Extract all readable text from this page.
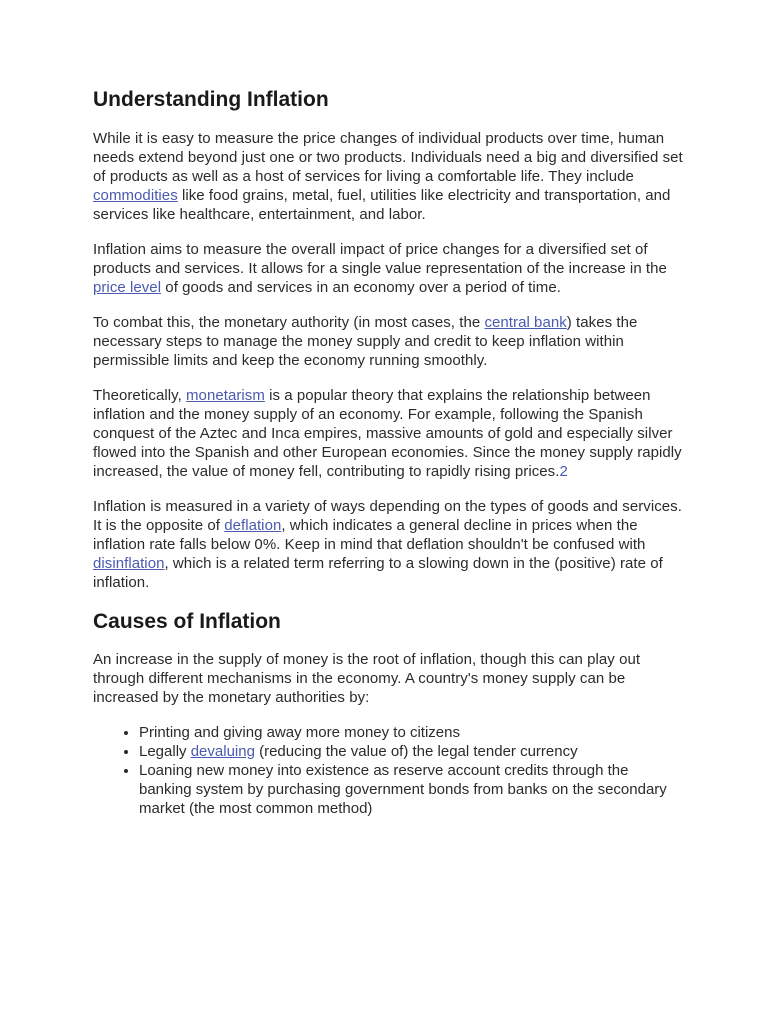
Understanding Inflation

While it is easy to measure the price changes of individual products over time, human needs extend beyond just one or two products. Individuals need a big and diversified set of products as well as a host of services for living a comfortable life. They include commodities like food grains, metal, fuel, utilities like electricity and transportation, and services like healthcare, entertainment, and labor.

Inflation aims to measure the overall impact of price changes for a diversified set of products and services. It allows for a single value representation of the increase in the price level of goods and services in an economy over a period of time.

To combat this, the monetary authority (in most cases, the central bank) takes the necessary steps to manage the money supply and credit to keep inflation within permissible limits and keep the economy running smoothly.

Theoretically, monetarism is a popular theory that explains the relationship between inflation and the money supply of an economy. For example, following the Spanish conquest of the Aztec and Inca empires, massive amounts of gold and especially silver flowed into the Spanish and other European economies. Since the money supply rapidly increased, the value of money fell, contributing to rapidly rising prices.2

Inflation is measured in a variety of ways depending on the types of goods and services. It is the opposite of deflation, which indicates a general decline in prices when the inflation rate falls below 0%. Keep in mind that deflation shouldn't be confused with disinflation, which is a related term referring to a slowing down in the (positive) rate of inflation.

Causes of Inflation

An increase in the supply of money is the root of inflation, though this can play out through different mechanisms in the economy. A country's money supply can be increased by the monetary authorities by:

• Printing and giving away more money to citizens
• Legally devaluing (reducing the value of) the legal tender currency
• Loaning new money into existence as reserve account credits through the banking system by purchasing government bonds from banks on the secondary market (the most common method)
